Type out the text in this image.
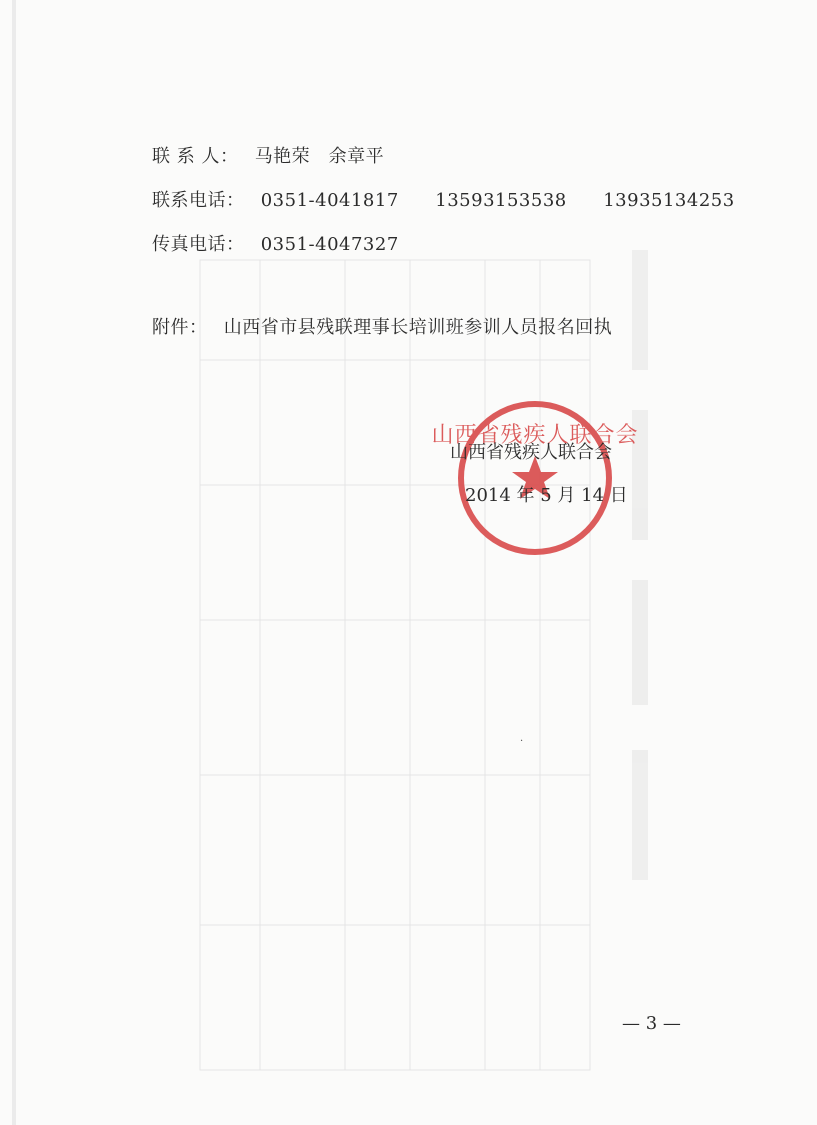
联 系 人： 马艳荣　余章平
联系电话： 0351-4041817 13593153538 13935134253
传真电话： 0351-4047327
附件： 山西省市县残联理事长培训班参训人员报名回执
山西省残疾人联合会
山西省残疾人联合会
2014 年 5 月 14 日
·
— 3 —
